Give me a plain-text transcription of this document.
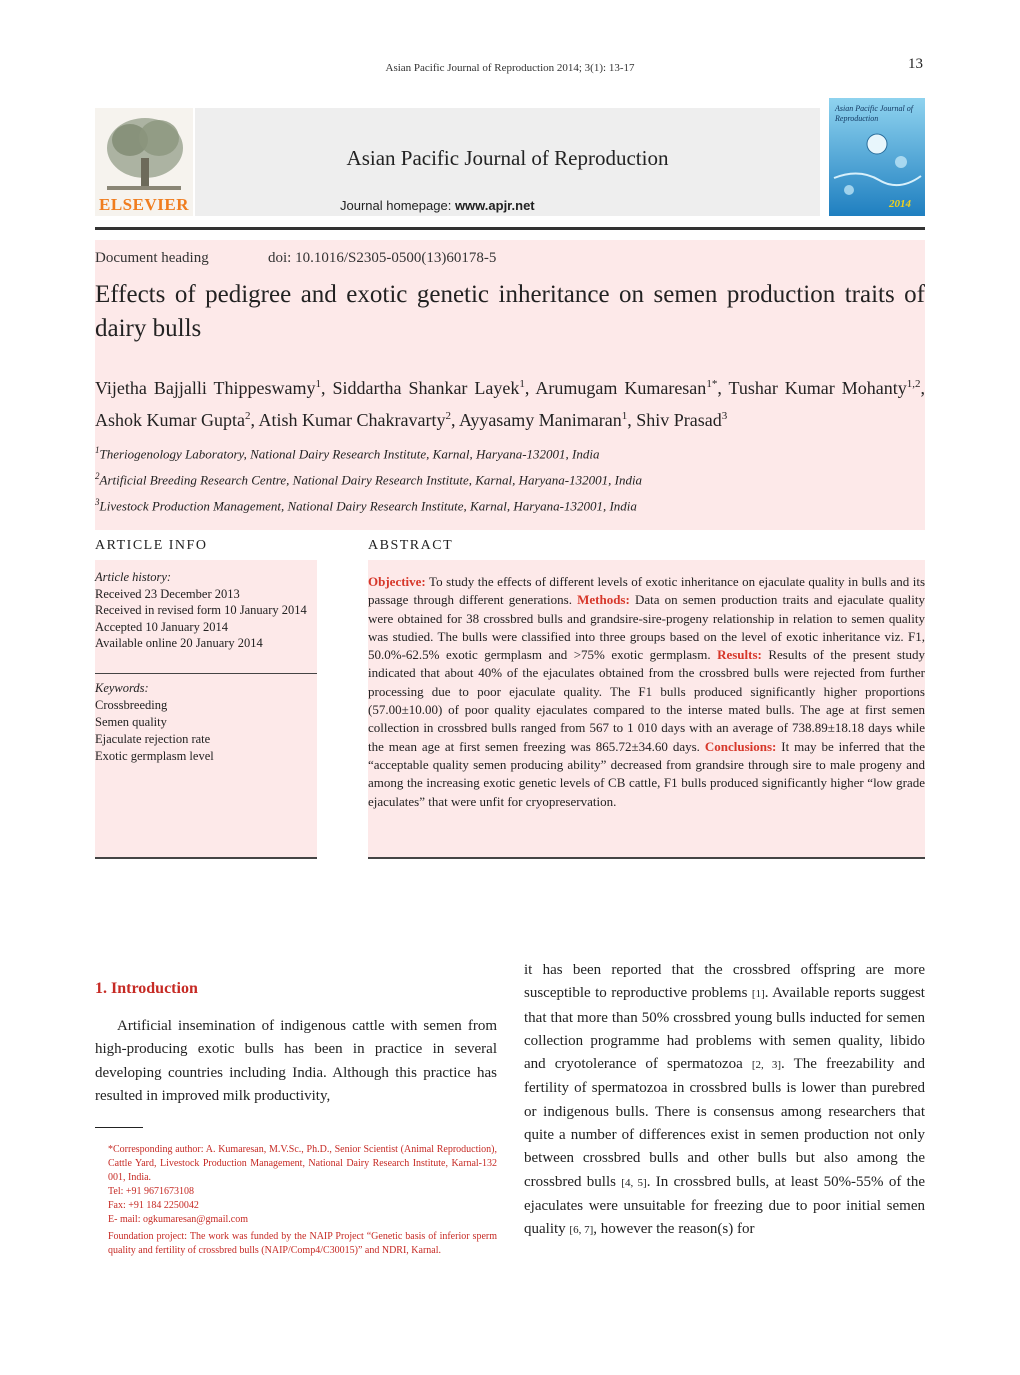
Asian Pacific Journal of Reproduction 2014; 3(1): 13-17	13
ELSEVIER
Asian Pacific Journal of Reproduction
Journal homepage: www.apjr.net
Asian Pacific Journal of Reproduction
2014
Document heading	doi: 10.1016/S2305-0500(13)60178-5
Effects of pedigree and exotic genetic inheritance on semen production traits of dairy bulls
Vijetha Bajjalli Thippeswamy$^1$, Siddartha Shankar Layek$^1$, Arumugam Kumaresan$^{1*}$, Tushar Kumar Mohanty$^{1,2}$, Ashok Kumar Gupta$^2$, Atish Kumar Chakravarty$^2$, Ayyasamy Manimaran$^1$, Shiv Prasad$^3$
$^1$Theriogenology Laboratory, National Dairy Research Institute, Karnal, Haryana-132001, India
$^2$Artificial Breeding Research Centre, National Dairy Research Institute, Karnal, Haryana-132001, India
$^3$Livestock Production Management, National Dairy Research Institute, Karnal, Haryana-132001, India
ARTICLE INFO
Article history:
Received 23 December 2013
Received in revised form 10 January 2014
Accepted 10 January 2014
Available online 20 January 2014
Keywords:
Crossbreeding
Semen quality
Ejaculate rejection rate
Exotic germplasm level
ABSTRACT
Objective: To study the effects of different levels of exotic inheritance on ejaculate quality in bulls and its passage through different generations. Methods: Data on semen production traits and ejaculate quality were obtained for 38 crossbred bulls and grandsire-sire-progeny relationship in relation to semen quality was studied. The bulls were classified into three groups based on the level of exotic inheritance viz. F1, 50.0%-62.5% exotic germplasm and >75% exotic germplasm. Results: Results of the present study indicated that about 40% of the ejaculates obtained from the crossbred bulls were rejected from further processing due to poor ejaculate quality. The F1 bulls produced significantly higher proportions (57.00±10.00) of poor quality ejaculates compared to the interse mated bulls. The age at first semen collection in crossbred bulls ranged from 567 to 1 010 days with an average of 738.89±18.18 days while the mean age at first semen freezing was 865.72±34.60 days. Conclusions: It may be inferred that the “acceptable quality semen producing ability” decreased from grandsire through sire to male progeny and among the increasing exotic genetic levels of CB cattle, F1 bulls produced significantly higher “low grade ejaculates” that were unfit for cryopreservation.
1. Introduction
Artificial insemination of indigenous cattle with semen from high-producing exotic bulls has been in practice in several developing countries including India. Although this practice has resulted in improved milk productivity,
it has been reported that the crossbred offspring are more susceptible to reproductive problems [1]. Available reports suggest that that more than 50% crossbred young bulls inducted for semen collection programme had problems with semen quality, libido and cryotolerance of spermatozoa [2, 3]. The freezability and fertility of spermatozoa in crossbred bulls is lower than purebred or indigenous bulls. There is consensus among researchers that quite a number of differences exist in semen production not only between crossbred bulls and other bulls but also among the crossbred bulls [4, 5]. In crossbred bulls, at least 50%-55% of the ejaculates were unsuitable for freezing due to poor initial semen quality [6, 7], however the reason(s) for
*Corresponding author: A. Kumaresan, M.V.Sc., Ph.D., Senior Scientist (Animal Reproduction), Cattle Yard, Livestock Production Management, National Dairy Research Institute, Karnal-132 001, India.
Tel: +91 9671673108
Fax: +91 184 2250042
E- mail: ogkumaresan@gmail.com
Foundation project: The work was funded by the NAIP Project “Genetic basis of inferior sperm quality and fertility of crossbred bulls (NAIP/Comp4/C30015)” and NDRI, Karnal.
